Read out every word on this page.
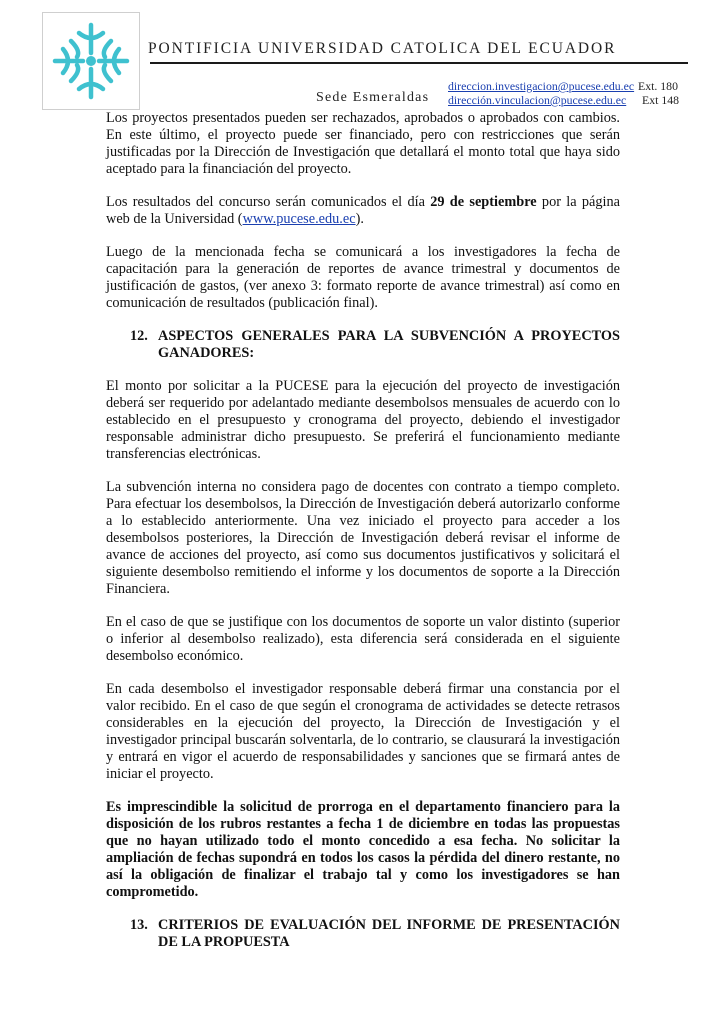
PONTIFICIA UNIVERSIDAD CATOLICA DEL ECUADOR
direccion.investigacion@pucese.edu.ec Ext. 180
dirección.vinculacion@pucese.edu.ec Ext 148
Sede Esmeraldas

Los proyectos presentados pueden ser rechazados, aprobados o aprobados con cambios. En este último, el proyecto puede ser financiado, pero con restricciones que serán justificadas por la Dirección de Investigación que detallará el monto total que haya sido aceptado para la financiación del proyecto.

Los resultados del concurso serán comunicados el día 29 de septiembre por la página web de la Universidad (www.pucese.edu.ec).

Luego de la mencionada fecha se comunicará a los investigadores la fecha de capacitación para la generación de reportes de avance trimestral y documentos de justificación de gastos, (ver anexo 3: formato reporte de avance trimestral) así como en comunicación de resultados (publicación final).

12. ASPECTOS GENERALES PARA LA SUBVENCIÓN A PROYECTOS GANADORES:

El monto por solicitar a la PUCESE para la ejecución del proyecto de investigación deberá ser requerido por adelantado mediante desembolsos mensuales de acuerdo con lo establecido en el presupuesto y cronograma del proyecto, debiendo el investigador responsable administrar dicho presupuesto. Se preferirá el funcionamiento mediante transferencias electrónicas.

La subvención interna no considera pago de docentes con contrato a tiempo completo. Para efectuar los desembolsos, la Dirección de Investigación deberá autorizarlo conforme a lo establecido anteriormente. Una vez iniciado el proyecto para acceder a los desembolsos posteriores, la Dirección de Investigación deberá revisar el informe de avance de acciones del proyecto, así como sus documentos justificativos y solicitará el siguiente desembolso remitiendo el informe y los documentos de soporte a la Dirección Financiera.

En el caso de que se justifique con los documentos de soporte un valor distinto (superior o inferior al desembolso realizado), esta diferencia será considerada en el siguiente desembolso económico.

En cada desembolso el investigador responsable deberá firmar una constancia por el valor recibido. En el caso de que según el cronograma de actividades se detecte retrasos considerables en la ejecución del proyecto, la Dirección de Investigación y el investigador principal buscarán solventarla, de lo contrario, se clausurará la investigación y entrará en vigor el acuerdo de responsabilidades y sanciones que se firmará antes de iniciar el proyecto.

Es imprescindible la solicitud de prorroga en el departamento financiero para la disposición de los rubros restantes a fecha 1 de diciembre en todas las propuestas que no hayan utilizado todo el monto concedido a esa fecha. No solicitar la ampliación de fechas supondrá en todos los casos la pérdida del dinero restante, no así la obligación de finalizar el trabajo tal y como los investigadores se han comprometido.

13. CRITERIOS DE EVALUACIÓN DEL INFORME DE PRESENTACIÓN DE LA PROPUESTA
